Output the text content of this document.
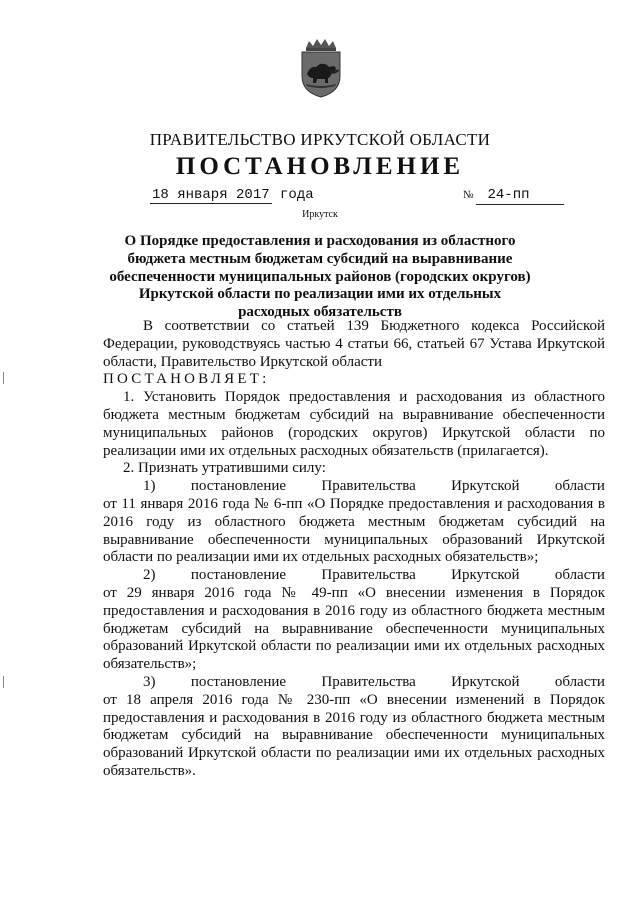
ПРАВИТЕЛЬСТВО ИРКУТСКОЙ ОБЛАСТИ
ПОСТАНОВЛЕНИЕ
18 января 2017 года	№ 24-пп
Иркутск
О Порядке предоставления и расходования из областного бюджета местным бюджетам субсидий на выравнивание обеспеченности муниципальных районов (городских округов) Иркутской области по реализации ими их отдельных расходных обязательств

В соответствии со статьей 139 Бюджетного кодекса Российской Федерации, руководствуясь частью 4 статьи 66, статьей 67 Устава Иркутской области, Правительство Иркутской области

ПОСТАНОВЛЯЕТ:

1. Установить Порядок предоставления и расходования из областного бюджета местным бюджетам субсидий на выравнивание обеспеченности муниципальных районов (городских округов) Иркутской области по реализации ими их отдельных расходных обязательств (прилагается).

2. Признать утратившими силу:

1) постановление Правительства Иркутской области

от 11 января 2016 года № 6-пп «О Порядке предоставления и расходования в 2016 году из областного бюджета местным бюджетам субсидий на выравнивание обеспеченности муниципальных образований Иркутской области по реализации ими их отдельных расходных обязательств»;

2) постановление Правительства Иркутской области

от 29 января 2016 года № 49-пп «О внесении изменения в Порядок предоставления и расходования в 2016 году из областного бюджета местным бюджетам субсидий на выравнивание обеспеченности муниципальных образований Иркутской области по реализации ими их отдельных расходных обязательств»;

3) постановление Правительства Иркутской области

от 18 апреля 2016 года № 230-пп «О внесении изменений в Порядок предоставления и расходования в 2016 году из областного бюджета местным бюджетам субсидий на выравнивание обеспеченности муниципальных образований Иркутской области по реализации ими их отдельных расходных обязательств».
